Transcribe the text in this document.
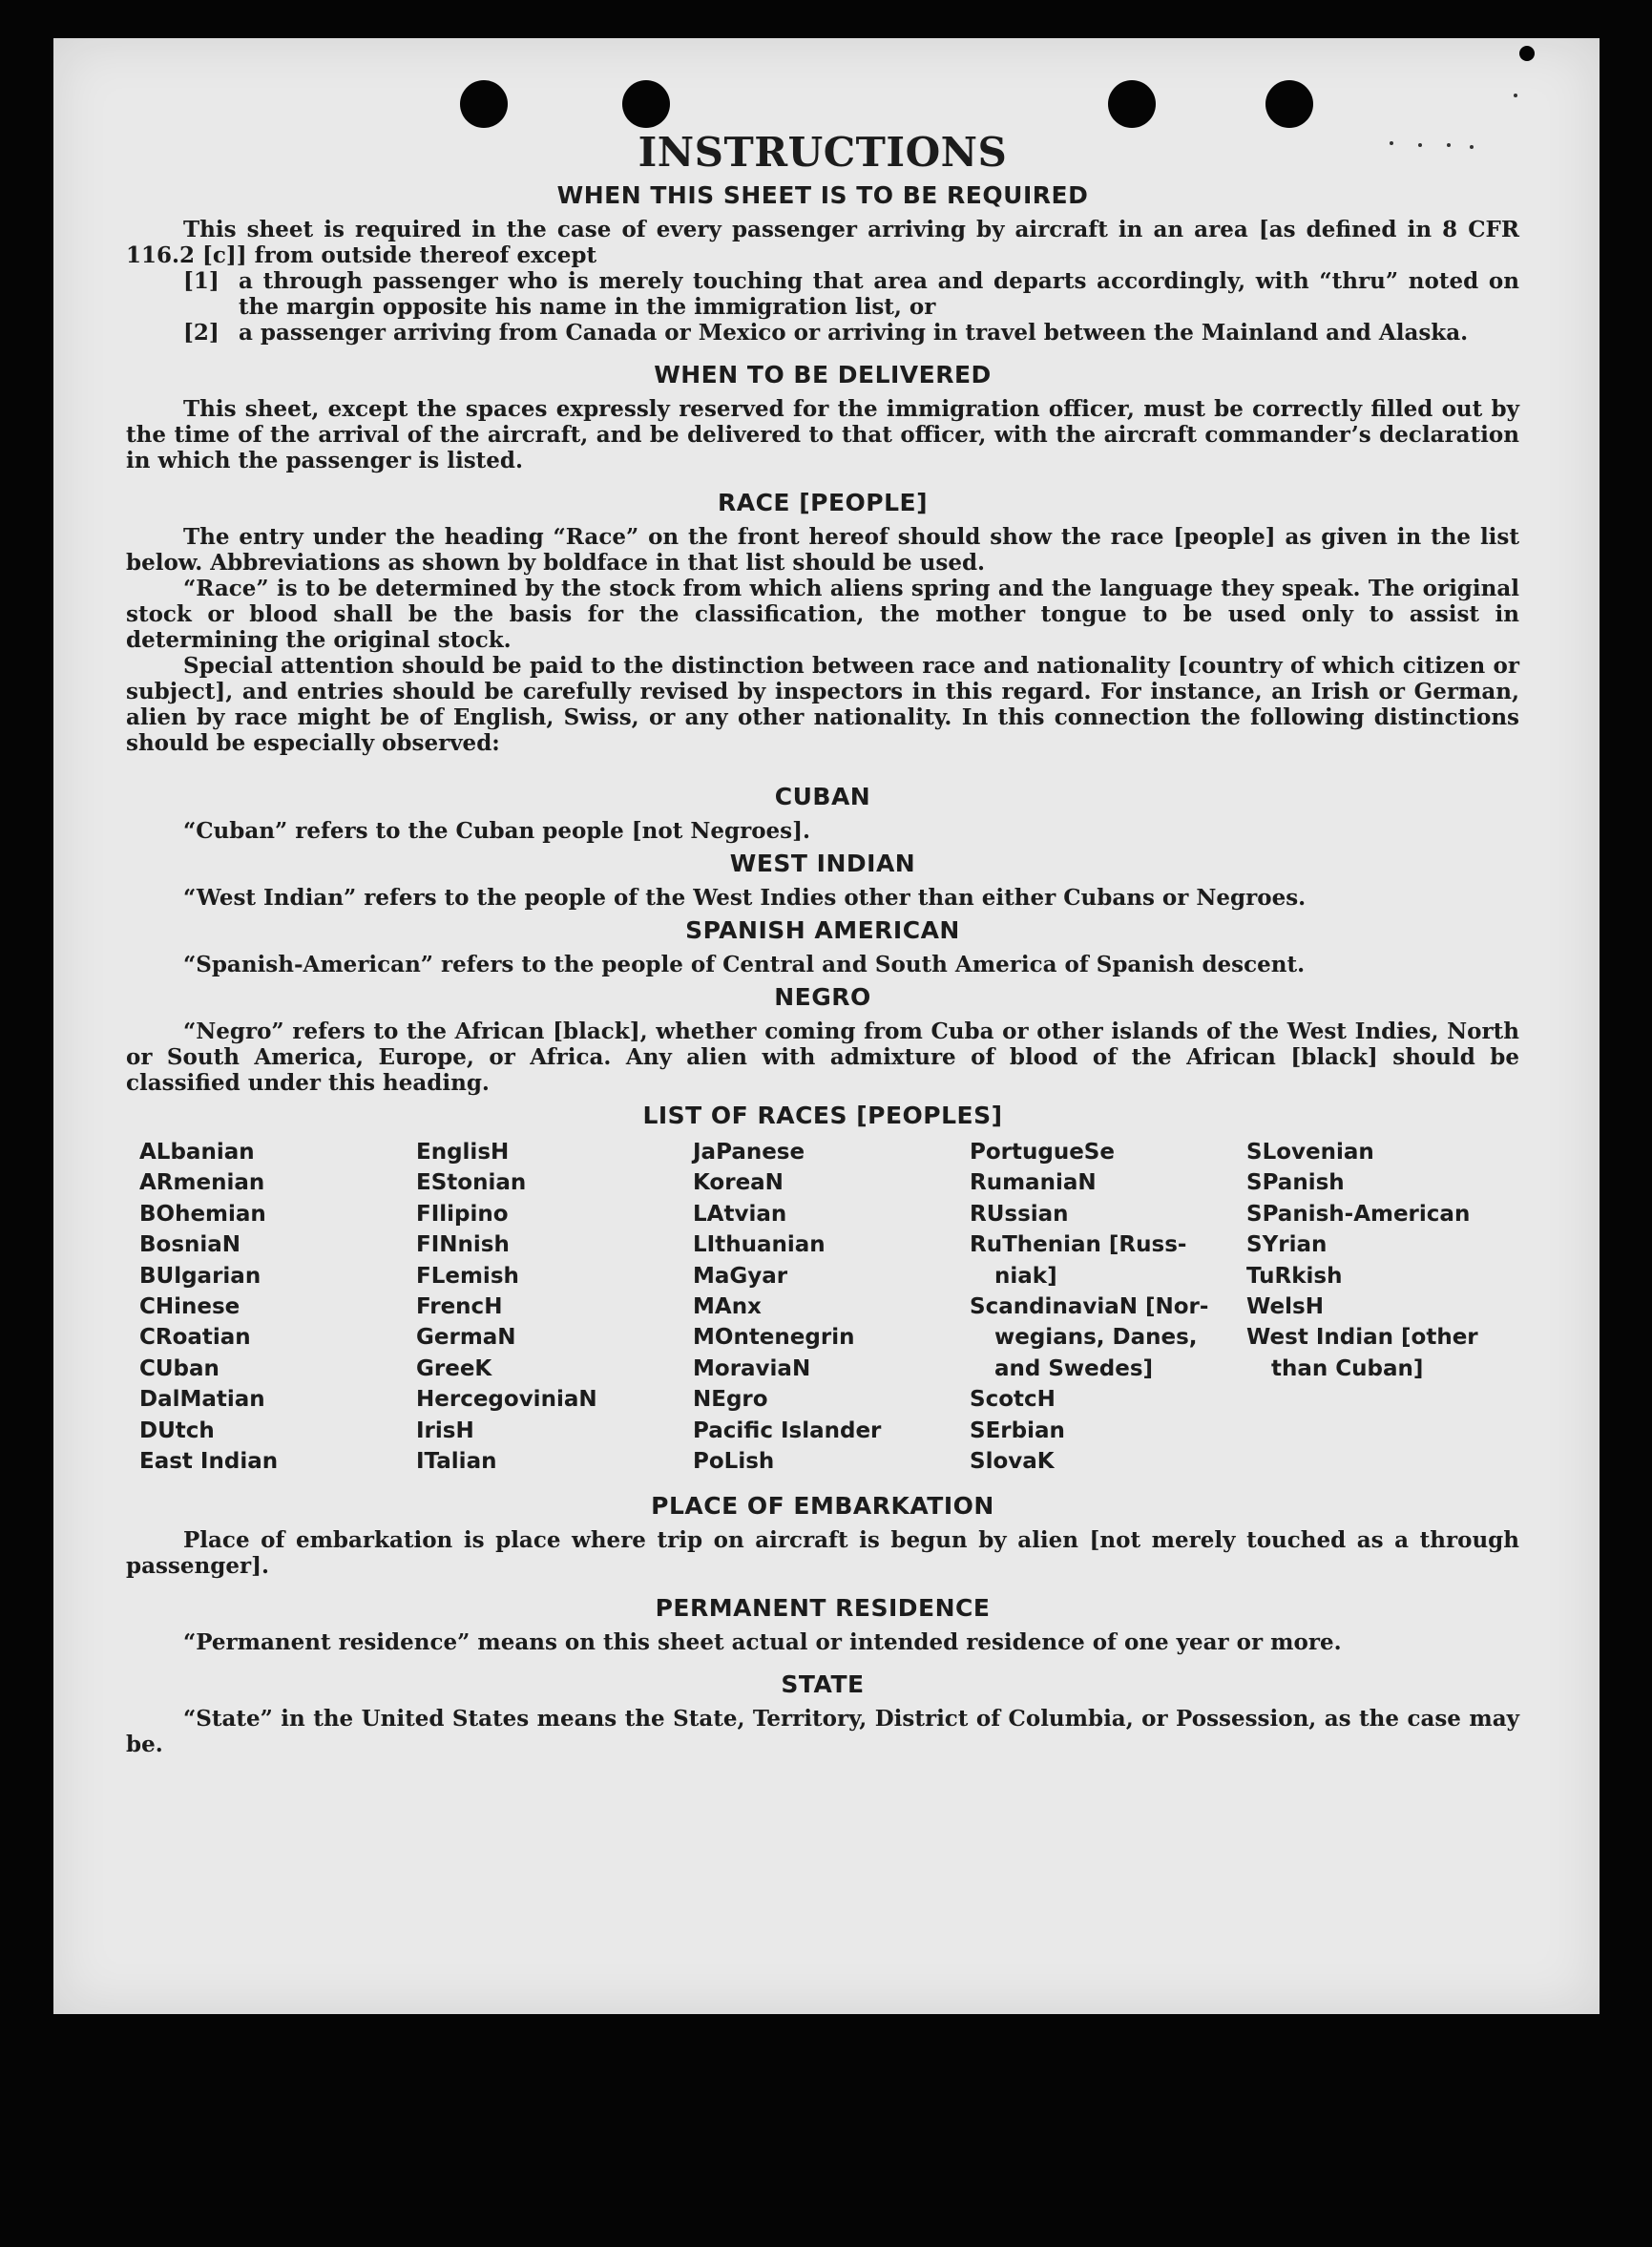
INSTRUCTIONS
WHEN THIS SHEET IS TO BE REQUIRED

This sheet is required in the case of every passenger arriving by aircraft in an area [as defined in 8 CFR 116.2 [c]] from outside thereof except

[1] a through passenger who is merely touching that area and departs accordingly, with “thru” noted on the margin opposite his name in the immigration list, or

[2] a passenger arriving from Canada or Mexico or arriving in travel between the Mainland and Alaska.

WHEN TO BE DELIVERED

This sheet, except the spaces expressly reserved for the immigration officer, must be correctly filled out by the time of the arrival of the aircraft, and be delivered to that officer, with the aircraft commander’s declaration in which the passenger is listed.

RACE [PEOPLE]

The entry under the heading “Race” on the front hereof should show the race [people] as given in the list below. Abbreviations as shown by boldface in that list should be used.

“Race” is to be determined by the stock from which aliens spring and the language they speak. The original stock or blood shall be the basis for the classification, the mother tongue to be used only to assist in determining the original stock.

Special attention should be paid to the distinction between race and nationality [country of which citizen or subject], and entries should be carefully revised by inspectors in this regard. For instance, an Irish or German, alien by race might be of English, Swiss, or any other nationality. In this connection the following distinctions should be especially observed:

CUBAN

“Cuban” refers to the Cuban people [not Negroes].

WEST INDIAN

“West Indian” refers to the people of the West Indies other than either Cubans or Negroes.

SPANISH AMERICAN

“Spanish-American” refers to the people of Central and South America of Spanish descent.

NEGRO

“Negro” refers to the African [black], whether coming from Cuba or other islands of the West Indies, North or South America, Europe, or Africa. Any alien with admixture of blood of the African [black] should be classified under this heading.

LIST OF RACES [PEOPLES]
ALbanian
ARmenian
BOhemian
BosniaN
BUlgarian
CHinese
CRoatian
CUban
DalMatian
DUtch
East Indian
EnglisH
EStonian
FIlipino
FINnish
FLemish
FrencH
GermaN
GreeK
HercegoviniaN
IrisH
ITalian
JaPanese
KoreaN
LAtvian
LIthuanian
MaGyar
MAnx
MOntenegrin
MoraviaN
NEgro
Pacific Islander
PoLish
PortugueSe
RumaniaN
RUssian
RuThenian [Russ-
niak]
ScandinaviaN [Nor-
wegians, Danes,
and Swedes]
ScotcH
SErbian
SlovaK
SLovenian
SPanish
SPanish-American
SYrian
TuRkish
WelsH
West Indian [other
than Cuban]
PLACE OF EMBARKATION

Place of embarkation is place where trip on aircraft is begun by alien [not merely touched as a through passenger].

PERMANENT RESIDENCE

“Permanent residence” means on this sheet actual or intended residence of one year or more.

STATE

“State” in the United States means the State, Territory, District of Columbia, or Possession, as the case may be.
